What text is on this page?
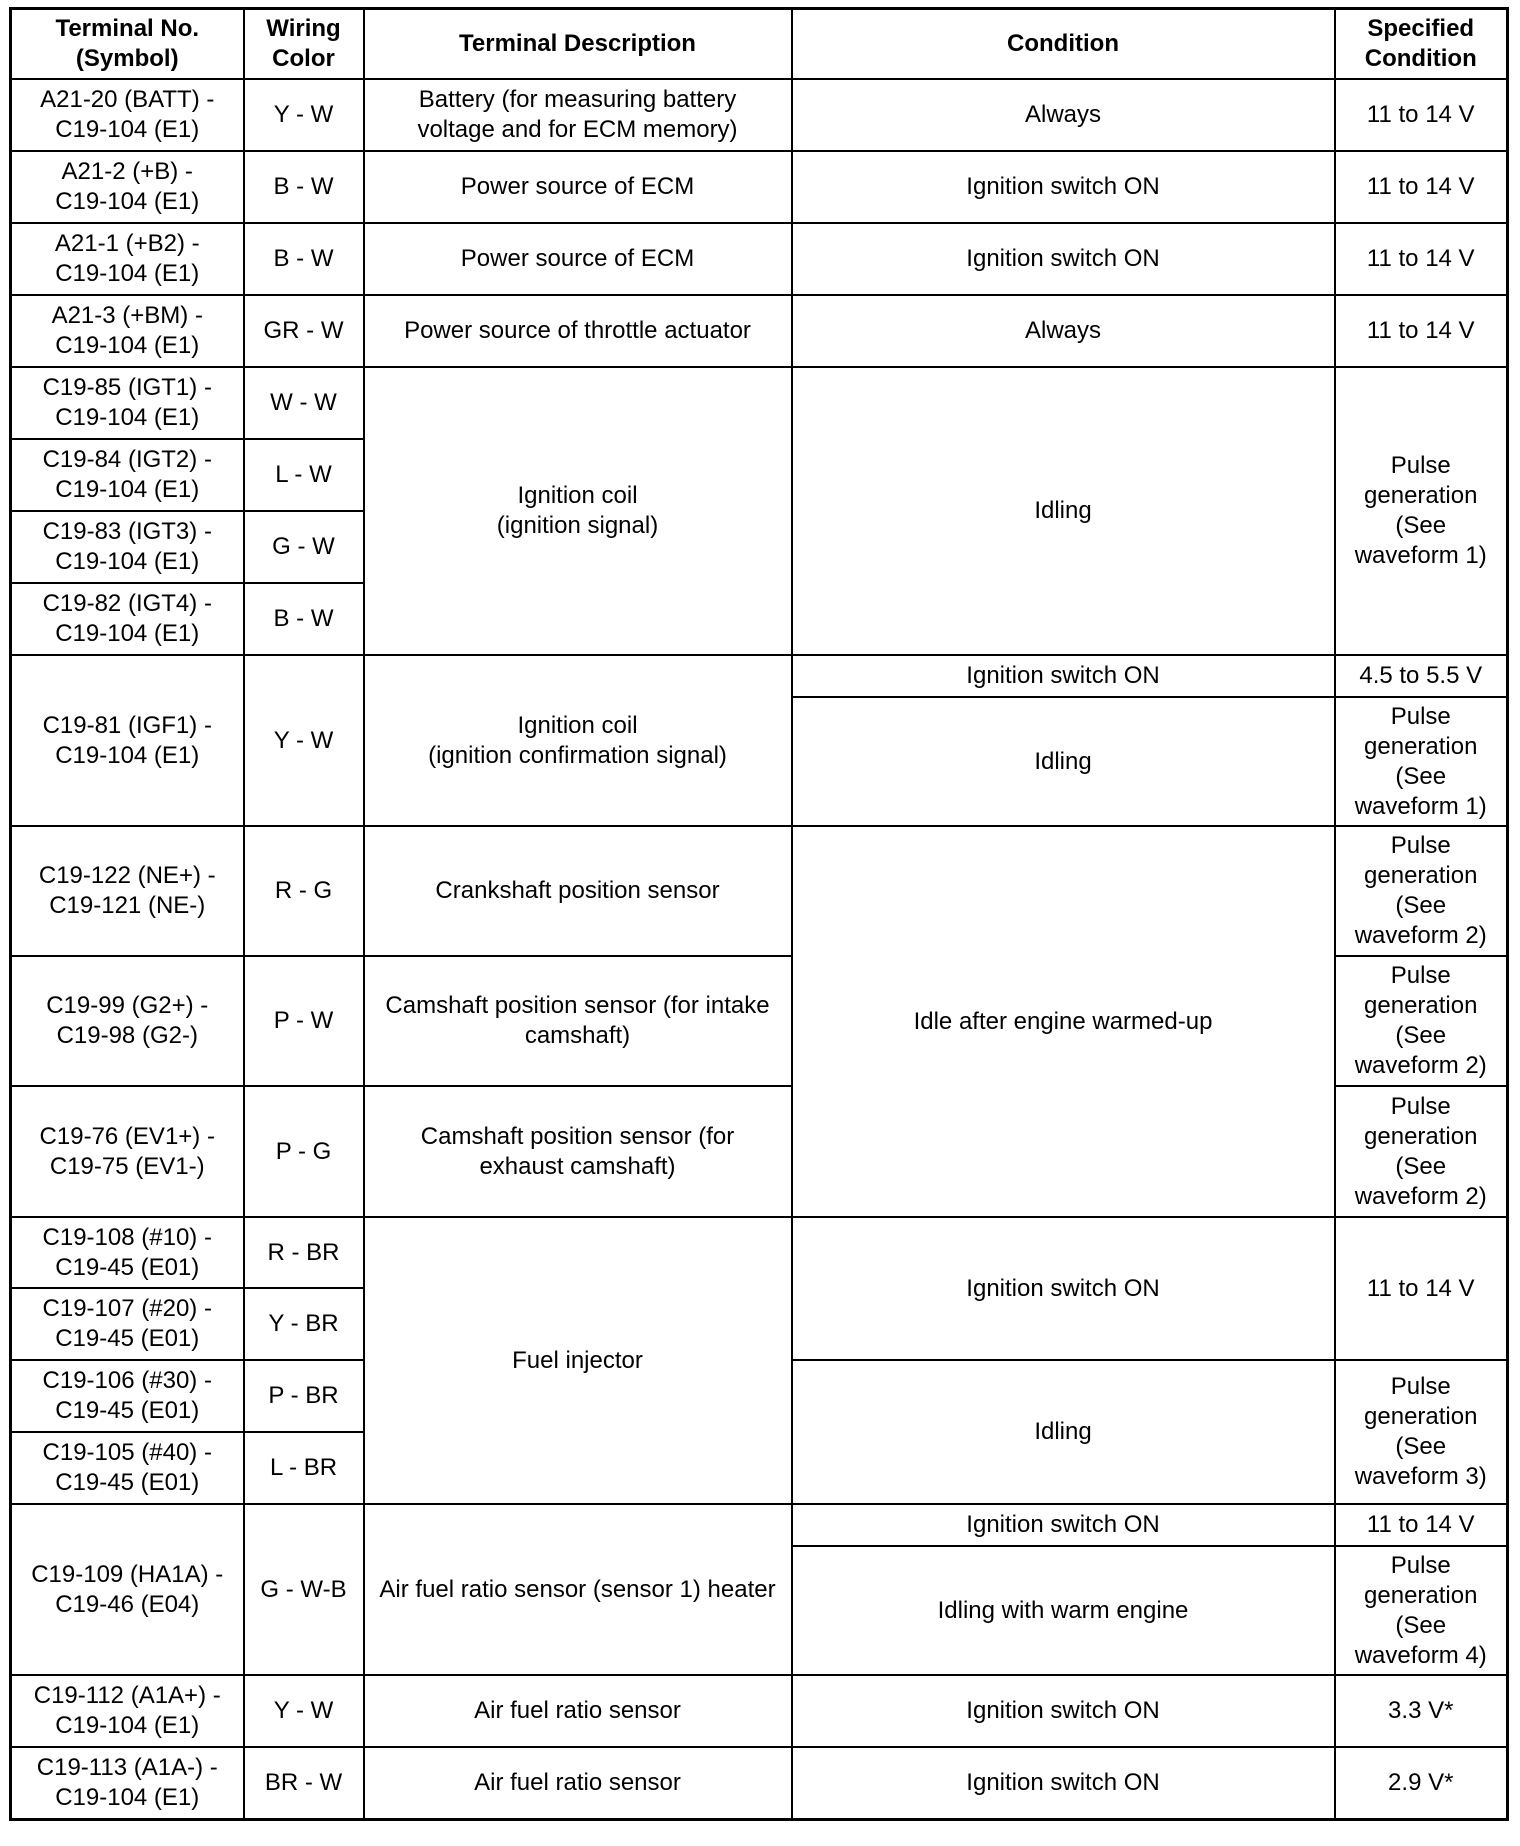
Terminal No.
(Symbol)	Wiring
Color	Terminal Description	Condition	Specified
Condition
A21-20 (BATT) -
C19-104 (E1)	Y - W	Battery (for measuring battery
voltage and for ECM memory)	Always	11 to 14 V
A21-2 (+B) -
C19-104 (E1)	B - W	Power source of ECM	Ignition switch ON	11 to 14 V
A21-1 (+B2) -
C19-104 (E1)	B - W	Power source of ECM	Ignition switch ON	11 to 14 V
A21-3 (+BM) -
C19-104 (E1)	GR - W	Power source of throttle actuator	Always	11 to 14 V
C19-85 (IGT1) -
C19-104 (E1)	W - W	Ignition coil
(ignition signal)	Idling	Pulse
generation
(See
waveform 1)
C19-84 (IGT2) -
C19-104 (E1)	L - W			
C19-83 (IGT3) -
C19-104 (E1)	G - W			
C19-82 (IGT4) -
C19-104 (E1)	B - W			
C19-81 (IGF1) -
C19-104 (E1)	Y - W	Ignition coil
(ignition confirmation signal)	Ignition switch ON	4.5 to 5.5 V
			Idling	Pulse
generation
(See
waveform 1)
C19-122 (NE+) -
C19-121 (NE-)	R - G	Crankshaft position sensor	Idle after engine warmed-up	Pulse
generation
(See
waveform 2)
C19-99 (G2+) -
C19-98 (G2-)	P - W	Camshaft position sensor (for intake
camshaft)		Pulse
generation
(See
waveform 2)
C19-76 (EV1+) -
C19-75 (EV1-)	P - G	Camshaft position sensor (for
exhaust camshaft)		Pulse
generation
(See
waveform 2)
C19-108 (#10) -
C19-45 (E01)	R - BR	Fuel injector	Ignition switch ON	11 to 14 V
C19-107 (#20) -
C19-45 (E01)	Y - BR			
C19-106 (#30) -
C19-45 (E01)	P - BR		Idling	Pulse
generation
(See
waveform 3)
C19-105 (#40) -
C19-45 (E01)	L - BR			
C19-109 (HA1A) -
C19-46 (E04)	G - W-B	Air fuel ratio sensor (sensor 1) heater	Ignition switch ON	11 to 14 V
			Idling with warm engine	Pulse
generation
(See
waveform 4)
C19-112 (A1A+) -
C19-104 (E1)	Y - W	Air fuel ratio sensor	Ignition switch ON	3.3 V*
C19-113 (A1A-) -
C19-104 (E1)	BR - W	Air fuel ratio sensor	Ignition switch ON	2.9 V*
